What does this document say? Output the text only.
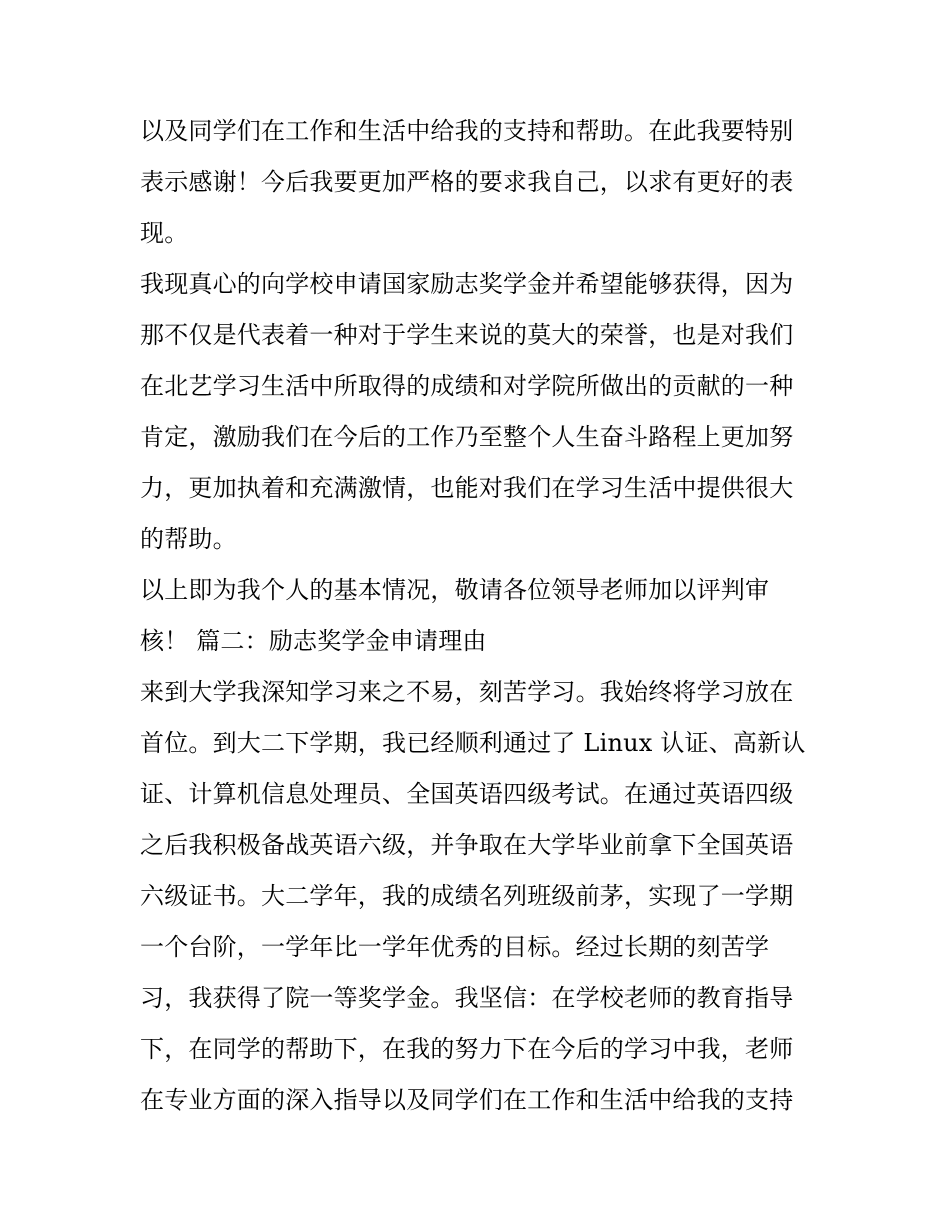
以及同学们在工作和生活中给我的支持和帮助。在此我要特别
表示感谢！今后我要更加严格的要求我自己，以求有更好的表
现。
我现真心的向学校申请国家励志奖学金并希望能够获得，因为
那不仅是代表着一种对于学生来说的莫大的荣誉，也是对我们
在北艺学习生活中所取得的成绩和对学院所做出的贡献的一种
肯定，激励我们在今后的工作乃至整个人生奋斗路程上更加努
力，更加执着和充满激情，也能对我们在学习生活中提供很大
的帮助。
以上即为我个人的基本情况，敬请各位领导老师加以评判审
核！ 篇二：励志奖学金申请理由
来到大学我深知学习来之不易，刻苦学习。我始终将学习放在
首位。到大二下学期，我已经顺利通过了 Linux 认证、高新认
证、计算机信息处理员、全国英语四级考试。在通过英语四级
之后我积极备战英语六级，并争取在大学毕业前拿下全国英语
六级证书。大二学年，我的成绩名列班级前茅，实现了一学期
一个台阶，一学年比一学年优秀的目标。经过长期的刻苦学
习，我获得了院一等奖学金。我坚信：在学校老师的教育指导
下，在同学的帮助下，在我的努力下在今后的学习中我，老师
在专业方面的深入指导以及同学们在工作和生活中给我的支持
